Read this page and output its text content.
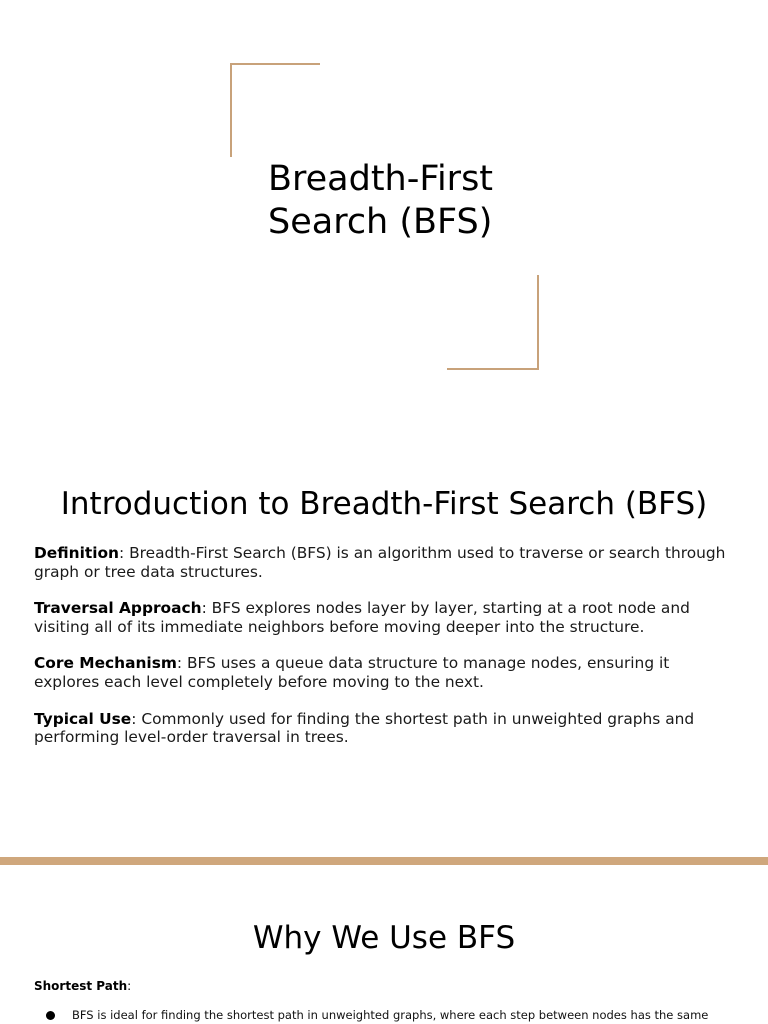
Breadth-First
Search (BFS)
Introduction to Breadth-First Search (BFS)

Definition: Breadth-First Search (BFS) is an algorithm used to traverse or search through graph or tree data structures.

Traversal Approach: BFS explores nodes layer by layer, starting at a root node and visiting all of its immediate neighbors before moving deeper into the structure.

Core Mechanism: BFS uses a queue data structure to manage nodes, ensuring it explores each level completely before moving to the next.

Typical Use: Commonly used for finding the shortest path in unweighted graphs and performing level-order traversal in trees.

Why We Use BFS

Shortest Path:

BFS is ideal for finding the shortest path in unweighted graphs, where each step between nodes has the same
